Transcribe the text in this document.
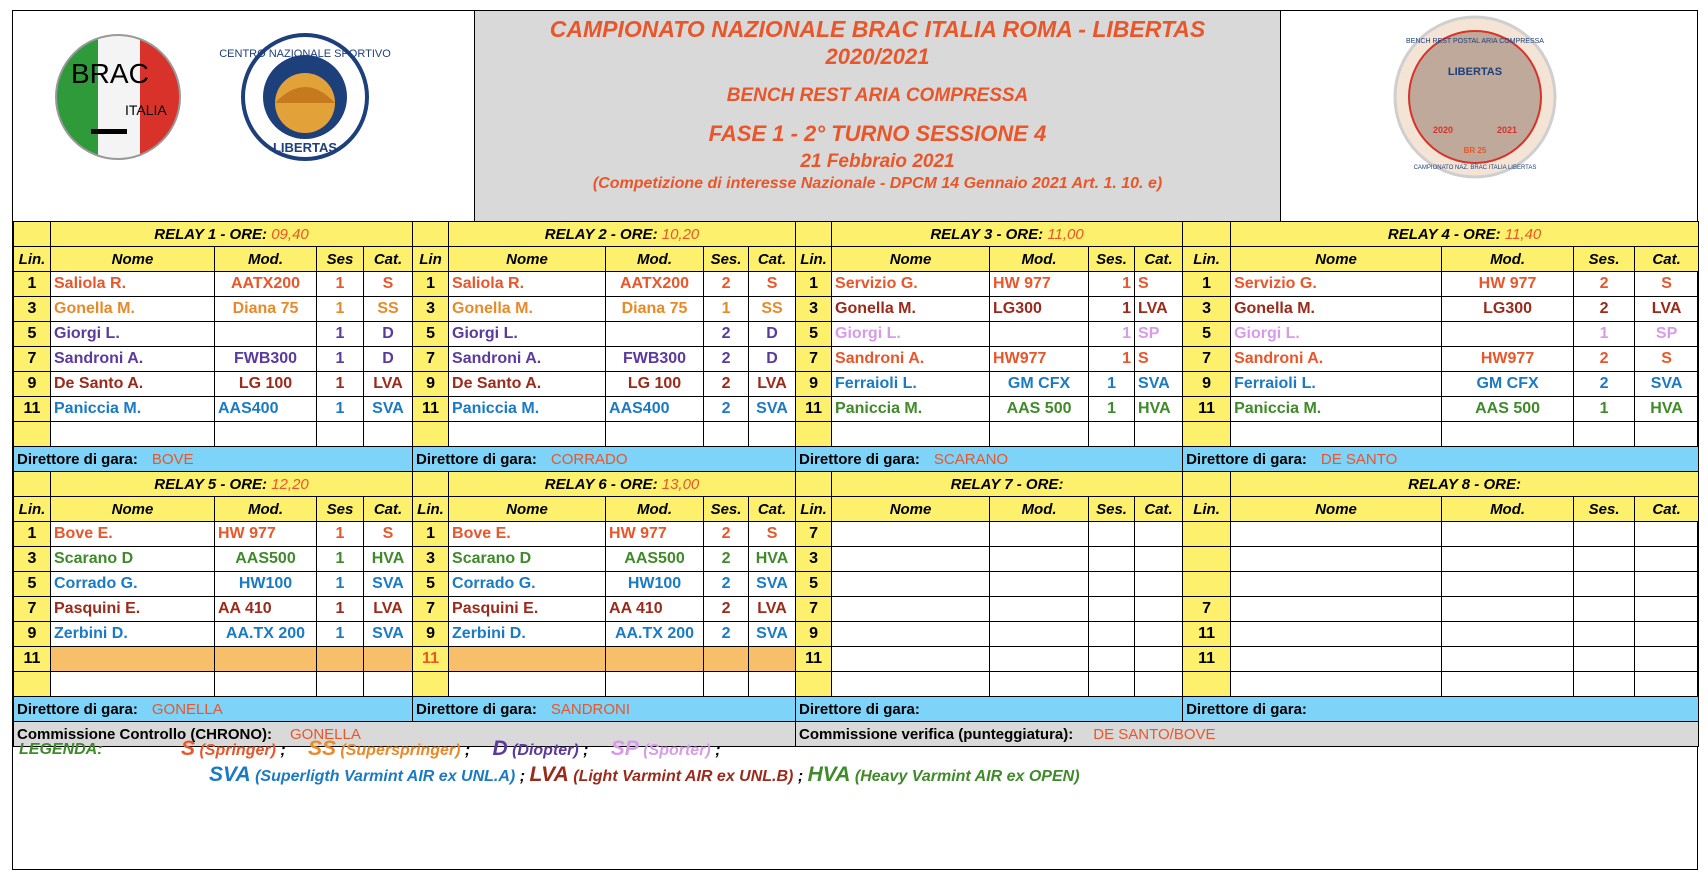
BRAC
ITALIA
CENTRO NAZIONALE SPORTIVO
LIBERTAS
CAMPIONATO NAZIONALE BRAC ITALIA ROMA - LIBERTAS
2020/2021
BENCH REST ARIA COMPRESSA
FASE 1 - 2° TURNO SESSIONE 4
21 Febbraio 2021
(Competizione di interesse Nazionale - DPCM 14 Gennaio 2021 Art. 1. 10. e)
BENCH REST POSTAL ARIA COMPRESSA
LIBERTAS
2020	2021
BR 25
CAMPIONATO NAZ. BRAC ITALIA LIBERTAS
	RELAY 1 - ORE: 09,40					RELAY 2 - ORE: 10,20					RELAY 3 - ORE: 11,00					RELAY 4 - ORE: 11,40			
Lin.	Nome	Mod.	Ses	Cat.	Lin	Nome	Mod.	Ses.	Cat.	Lin.	Nome	Mod.	Ses.	Cat.	Lin.	Nome	Mod.	Ses.	Cat.
1	Saliola R.	AATX200	1	S	1	Saliola R.	AATX200	2	S	1	Servizio G.	HW 977	1	S	1	Servizio G.	HW 977	2	S
3	Gonella M.	Diana 75	1	SS	3	Gonella M.	Diana 75	1	SS	3	Gonella M.	LG300	1	LVA	3	Gonella M.	LG300	2	LVA
5	Giorgi L.		1	D	5	Giorgi L.		2	D	5	Giorgi L.		1	SP	5	Giorgi L.		1	SP
7	Sandroni A.	FWB300	1	D	7	Sandroni A.	FWB300	2	D	7	Sandroni A.	HW977	1	S	7	Sandroni A.	HW977	2	S
9	De Santo A.	LG 100	1	LVA	9	De Santo A.	LG 100	2	LVA	9	Ferraioli L.	GM CFX	1	SVA	9	Ferraioli L.	GM CFX	2	SVA
11	Paniccia M.	AAS400	1	SVA	11	Paniccia M.	AAS400	2	SVA	11	Paniccia M.	AAS 500	1	HVA	11	Paniccia M.	AAS 500	1	HVA

Direttore di gara: BOVE					Direttore di gara: CORRADO					Direttore di gara: SCARANO					Direttore di gara: DE SANTO				
	RELAY 5 - ORE: 12,20					RELAY 6 - ORE: 13,00					RELAY 7 - ORE:					RELAY 8 - ORE:			
Lin.	Nome	Mod.	Ses	Cat.	Lin.	Nome	Mod.	Ses.	Cat.	Lin.	Nome	Mod.	Ses.	Cat.	Lin.	Nome	Mod.	Ses.	Cat.
1	Bove E.	HW 977	1	S	1	Bove E.	HW 977	2	S	7									
3	Scarano D	AAS500	1	HVA	3	Scarano D	AAS500	2	HVA	3									
5	Corrado G.	HW100	1	SVA	5	Corrado G.	HW100	2	SVA	5									
7	Pasquini E.	AA 410	1	LVA	7	Pasquini E.	AA 410	2	LVA	7					7				
9	Zerbini D.	AA.TX 200	1	SVA	9	Zerbini D.	AA.TX 200	2	SVA	9					11				
11					11					11					11				

Direttore di gara: GONELLA					Direttore di gara: SANDRONI					Direttore di gara:					Direttore di gara:				
Commissione Controllo (CHRONO): GONELLA										Commissione verifica (punteggiatura): DE SANTO/BOVE									
LEGENDA:	S (Springer) ; SS (Superspringer) ; D (Diopter) ; SP (Sporter) ;
SVA (Superligth Varmint AIR ex UNL.A) ; LVA (Light Varmint AIR ex UNL.B) ; HVA (Heavy Varmint AIR ex OPEN)
